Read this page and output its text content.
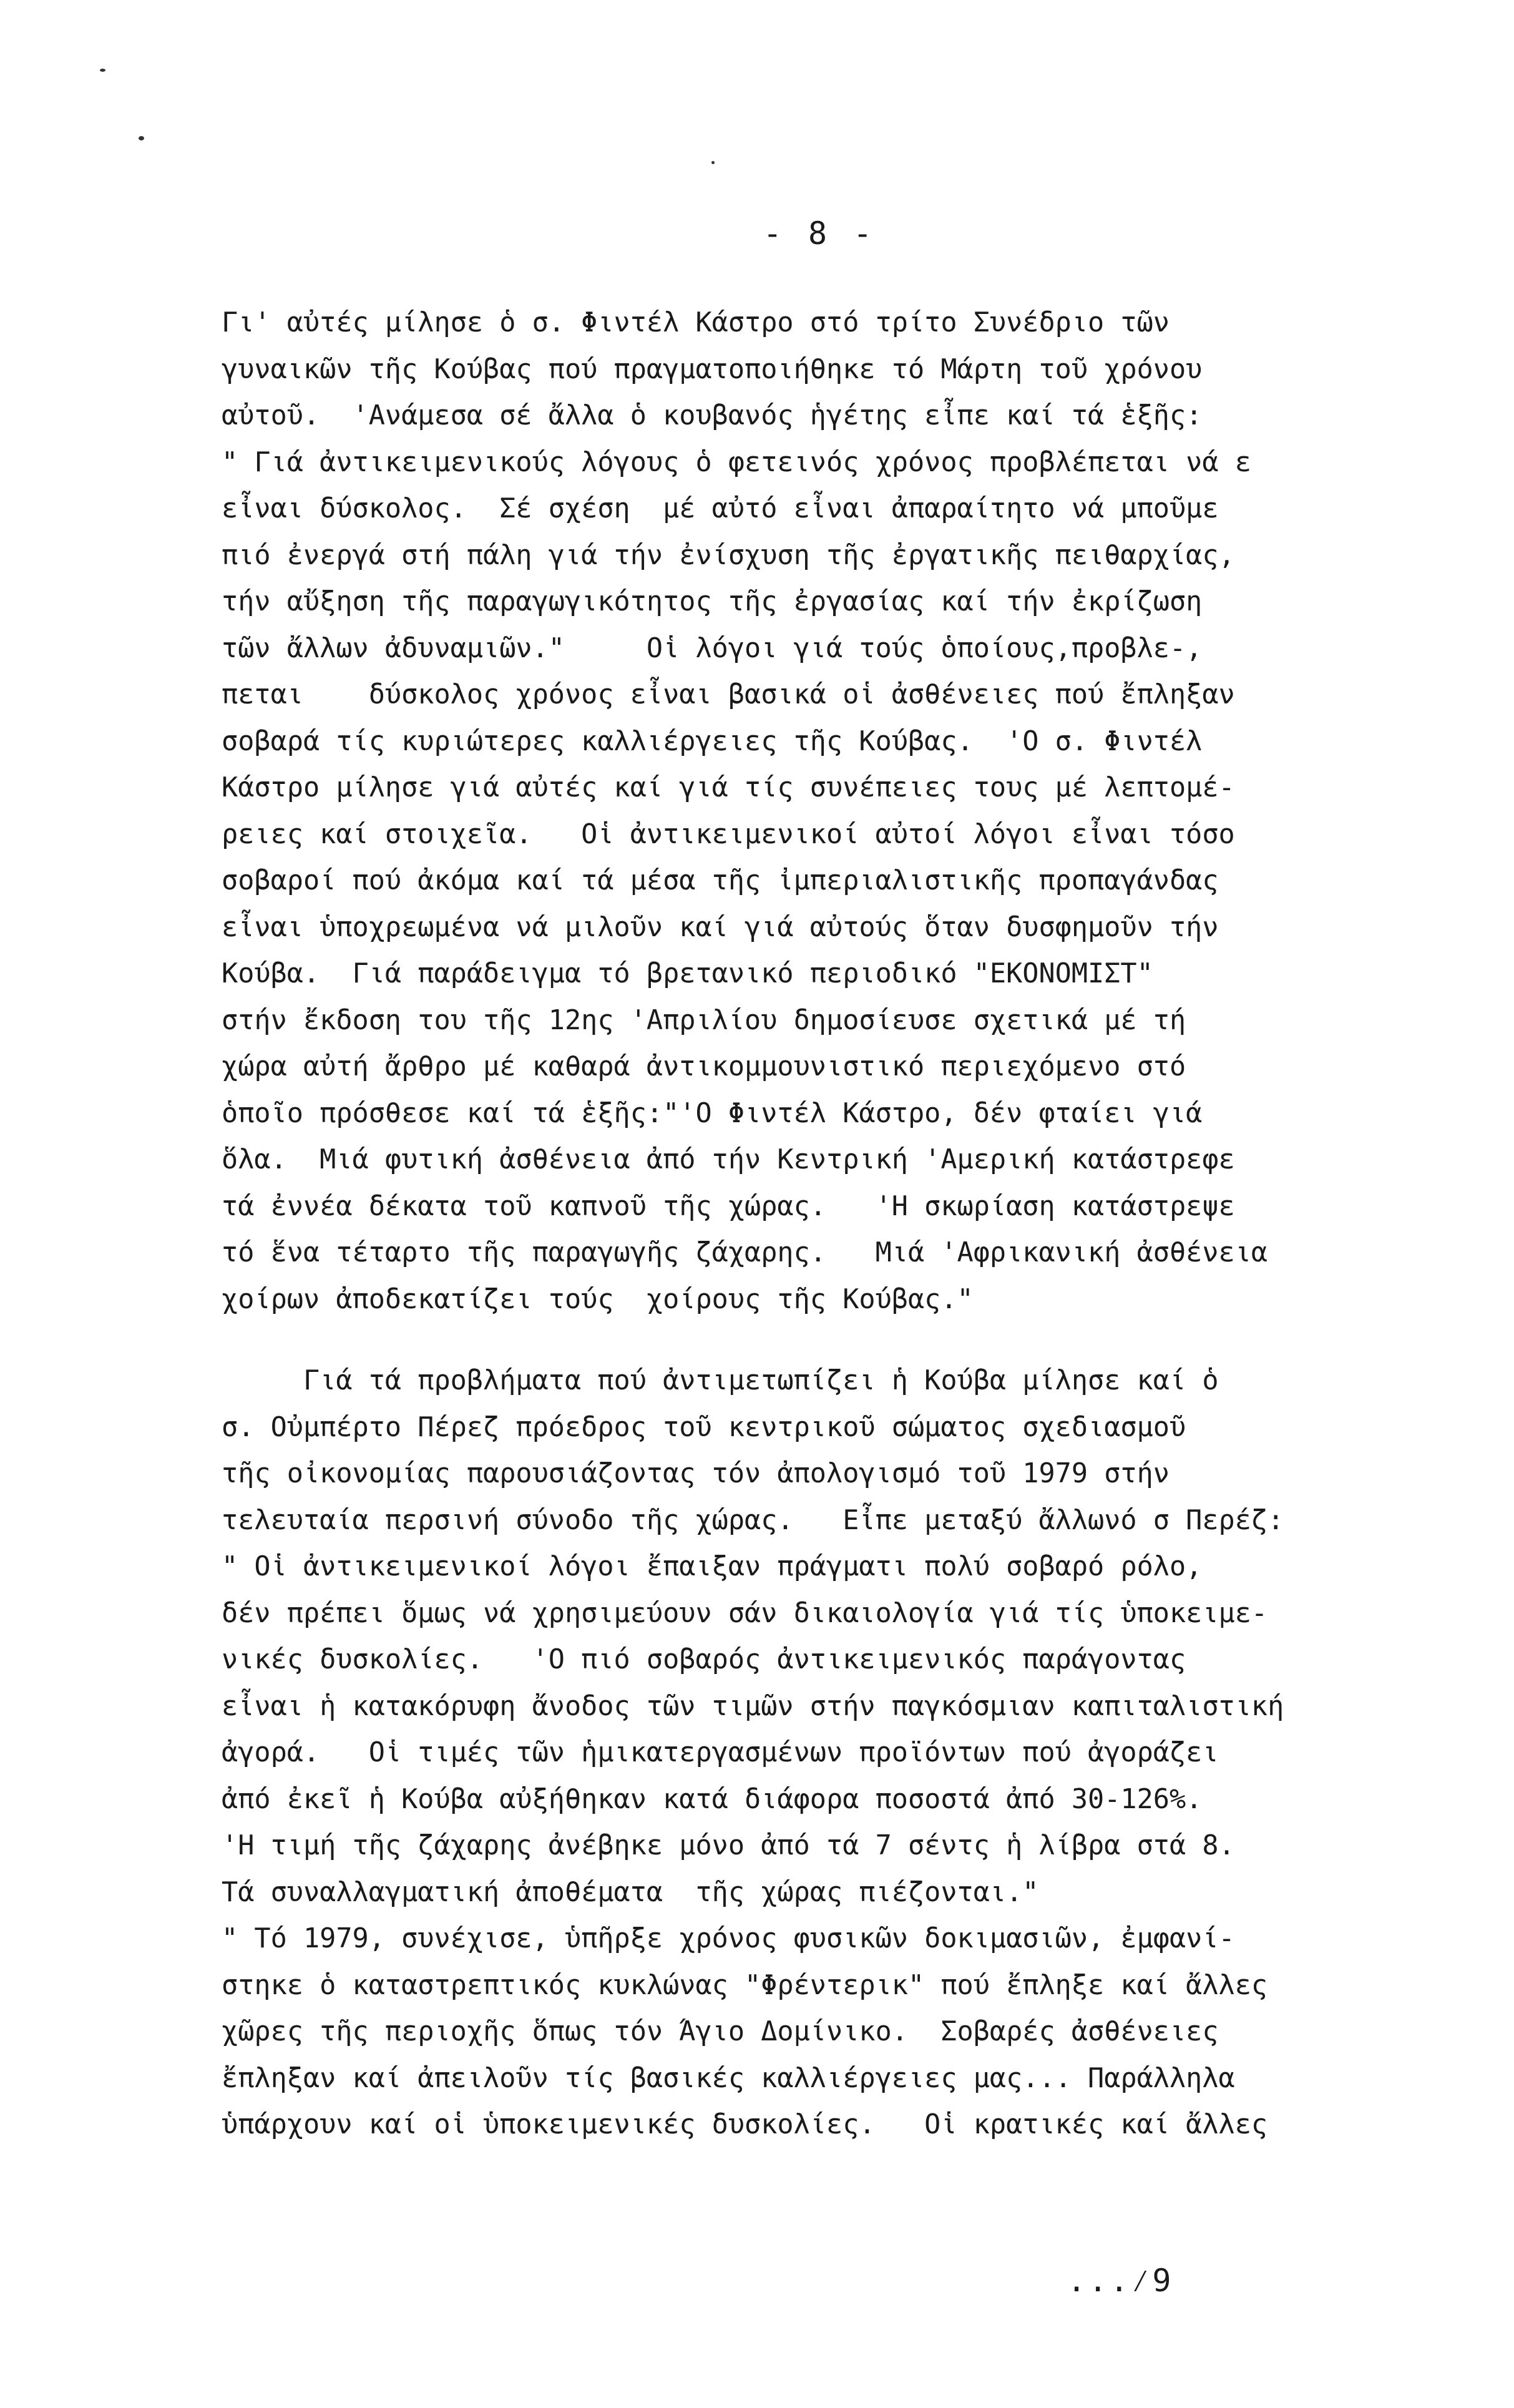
- 8 -
Γι' αὐτές μίλησε ὁ σ. Φιντέλ Κάστρο στό τρίτο Συνέδριο τῶν
γυναικῶν τῆς Κούβας πού πραγματοποιήθηκε τό Μάρτη τοῦ χρόνου
αὐτοῦ.  'Ανάμεσα σέ ἄλλα ὁ κουβανός ἡγέτης εἶπε καί τά ἑξῆς:
" Γιά ἀντικειμενικούς λόγους ὁ φετεινός χρόνος προβλέπεται νά ε
εἶναι δύσκολος.  Σέ σχέση  μέ αὐτό εἶναι ἀπαραίτητο νά μποῦμε
πιό ἐνεργά στή πάλη γιά τήν ἐνίσχυση τῆς ἐργατικῆς πειθαρχίας,
τήν αὔξηση τῆς παραγωγικότητος τῆς ἐργασίας καί τήν ἐκρίζωση
τῶν ἄλλων ἀδυναμιῶν."     Οἱ λόγοι γιά τούς ὁποίους,προβλε-,
πεται    δύσκολος χρόνος εἶναι βασικά οἱ ἀσθένειες πού ἔπληξαν
σοβαρά τίς κυριώτερες καλλιέργειες τῆς Κούβας.  'Ο σ. Φιντέλ
Κάστρο μίλησε γιά αὐτές καί γιά τίς συνέπειες τους μέ λεπτομέ-
ρειες καί στοιχεῖα.   Οἱ ἀντικειμενικοί αὐτοί λόγοι εἶναι τόσο
σοβαροί πού ἀκόμα καί τά μέσα τῆς ἰμπεριαλιστικῆς προπαγάνδας
εἶναι ὑποχρεωμένα νά μιλοῦν καί γιά αὐτούς ὅταν δυσφημοῦν τήν
Κούβα.  Γιά παράδειγμα τό βρετανικό περιοδικό "ΕΚΟΝΟΜΙΣΤ"
στήν ἔκδοση του τῆς 12ης 'Απριλίου δημοσίευσε σχετικά μέ τή
χώρα αὐτή ἄρθρο μέ καθαρά ἀντικομμουνιστικό περιεχόμενο στό
ὁποῖο πρόσθεσε καί τά ἑξῆς:"'Ο Φιντέλ Κάστρο, δέν φταίει γιά
ὅλα.  Μιά φυτική ἀσθένεια ἀπό τήν Κεντρική 'Αμερική κατάστρεφε
τά ἐννέα δέκατα τοῦ καπνοῦ τῆς χώρας.   'Η σκωρίαση κατάστρεψε
τό ἕνα τέταρτο τῆς παραγωγῆς ζάχαρης.   Μιά 'Αφρικανική ἀσθένεια
χοίρων ἀποδεκατίζει τούς  χοίρους τῆς Κούβας."
Γιά τά προβλήματα πού ἀντιμετωπίζει ἡ Κούβα μίλησε καί ὁ
σ. Οὐμπέρτο Πέρεζ πρόεδρος τοῦ κεντρικοῦ σώματος σχεδιασμοῦ
τῆς οἰκονομίας παρουσιάζοντας τόν ἀπολογισμό τοῦ 1979 στήν
τελευταία περσινή σύνοδο τῆς χώρας.   Εἶπε μεταξύ ἄλλωνό σ Περέζ:
" Οἱ ἀντικειμενικοί λόγοι ἔπαιξαν πράγματι πολύ σοβαρό ρόλο,
δέν πρέπει ὅμως νά χρησιμεύουν σάν δικαιολογία γιά τίς ὑποκειμε-
νικές δυσκολίες.   'Ο πιό σοβαρός ἀντικειμενικός παράγοντας
εἶναι ἡ κατακόρυφη ἄνοδος τῶν τιμῶν στήν παγκόσμιαν καπιταλιστική
ἀγορά.   Οἱ τιμές τῶν ἡμικατεργασμένων προϊόντων πού ἀγοράζει
ἀπό ἐκεῖ ἡ Κούβα αὐξήθηκαν κατά διάφορα ποσοστά ἀπό 30-126%.
'Η τιμή τῆς ζάχαρης ἀνέβηκε μόνο ἀπό τά 7 σέντς ἡ λίβρα στά 8.
Τά συναλλαγματική ἀποθέματα  τῆς χώρας πιέζονται."
" Τό 1979, συνέχισε, ὑπῆρξε χρόνος φυσικῶν δοκιμασιῶν, ἐμφανί-
στηκε ὁ καταστρεπτικός κυκλώνας "Φρέντερικ" πού ἔπληξε καί ἄλλες
χῶρες τῆς περιοχῆς ὅπως τόν Άγιο Δομίνικο.  Σοβαρές ἀσθένειες
ἔπληξαν καί ἀπειλοῦν τίς βασικές καλλιέργειες μας... Παράλληλα
ὑπάρχουν καί οἱ ὑποκειμενικές δυσκολίες.   Οἱ κρατικές καί ἄλλες
...⁄9
